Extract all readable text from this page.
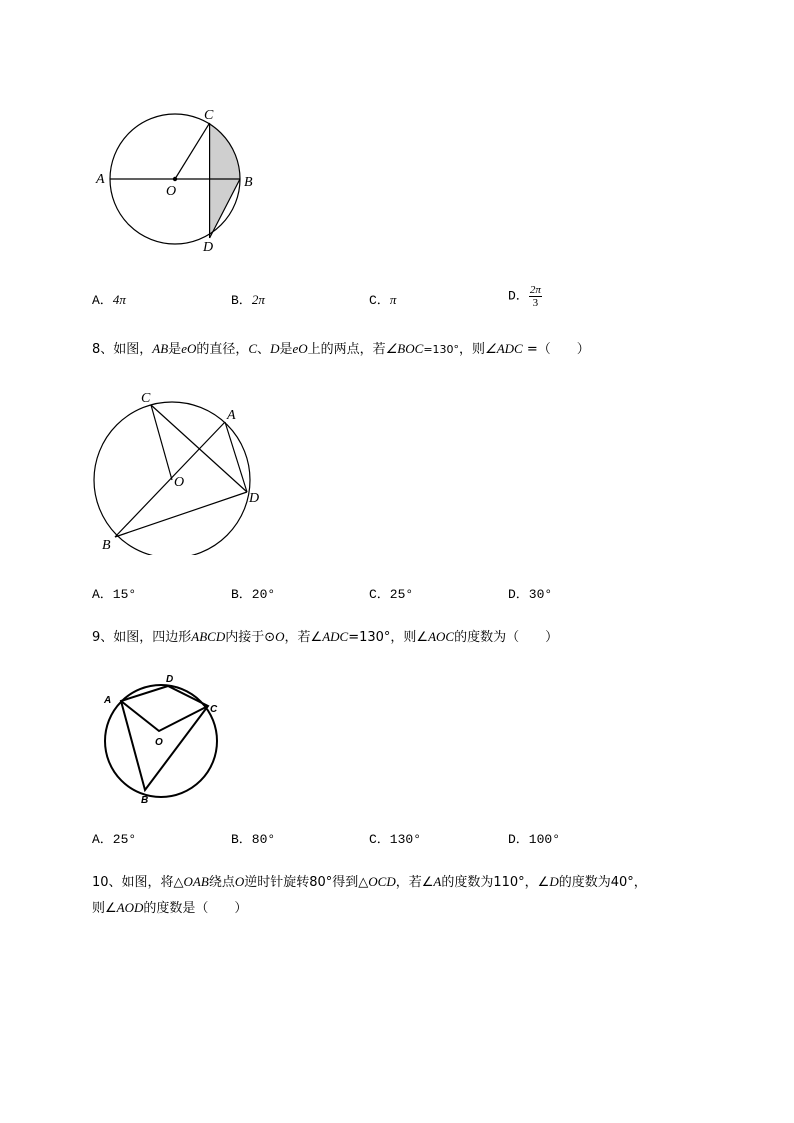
A	B
C
D
O
A．4π	B．2π	C．π	D． $\frac{2\pi}{3}$
8、如图，AB是eO的直径，C、D是eO上的两点，若∠BOC=130°，则∠ADC =（　　）
C
A
O
D
B
A．15°	B．20°	C．25°	D．30°
9、如图，四边形ABCD内接于⊙O，若∠ADC=130°，则∠AOC的度数为（　　）
A
D
C
O
B
A．25°	B．80°	C．130°	D．100°
10、如图，将△OAB绕点O逆时针旋转80°得到△OCD，若∠A的度数为110°，∠D的度数为40°，
则∠AOD的度数是（　　）
